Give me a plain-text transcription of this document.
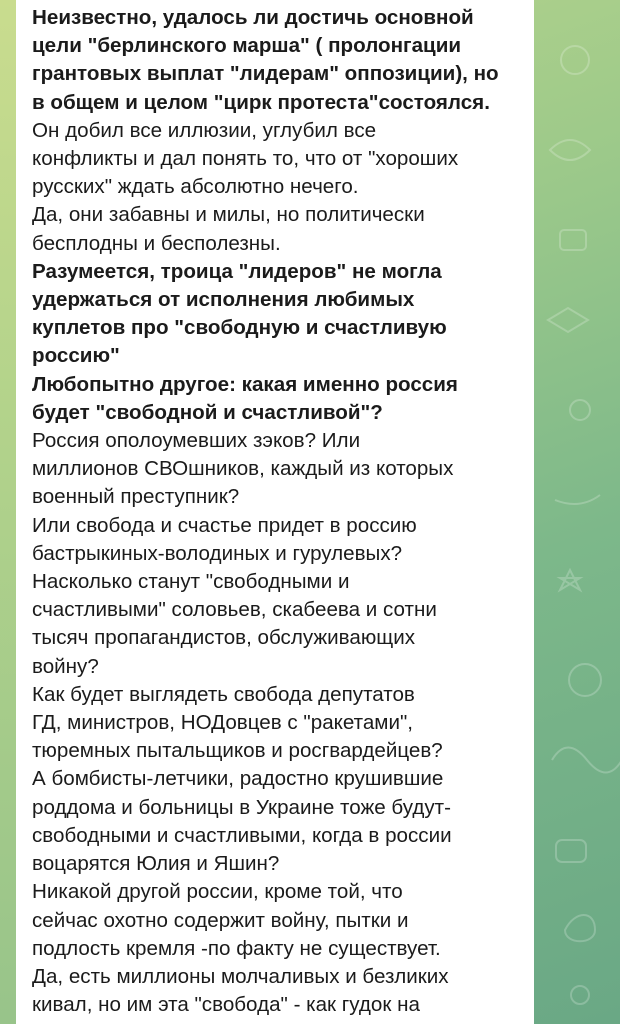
Неизвестно, удалось ли достичь основной
цели "берлинского марша" ( пролонгации
грантовых выплат "лидерам" оппозиции), но
в общем и целом "цирк протеста"состоялся.
Он добил все иллюзии, углубил все
конфликты и дал понять то, что от "хороших
русских" ждать абсолютно нечего.
Да, они забавны и милы, но политически
бесплодны и бесполезны.
Разумеется, троица "лидеров" не могла
удержаться от исполнения любимых
куплетов про "свободную и счастливую
россию"
Любопытно другое: какая именно россия
будет "свободной и счастливой"?
Россия ополоумевших зэков? Или
миллионов СВОшников, каждый из которых
военный преступник?
Или свобода и счастье придет в россию
бастрыкиных-володиных и гурулевых?
Насколько станут "свободными и
счастливыми" соловьев, скабеева и сотни
тысяч пропагандистов, обслуживающих
войну?
Как будет выглядеть свобода депутатов
ГД, министров, НОДовцев с "ракетами",
тюремных пытальщиков и росгвардейцев?
А бомбисты-летчики, радостно крушившие
роддома и больницы в Украине тоже будут-
свободными и счастливыми, когда в россии
воцарятся Юлия и Яшин?
Никакой другой россии, кроме той, что
сейчас охотно содержит войну, пытки и
подлость кремля -по факту не существует.
Да, есть миллионы молчаливых и безликих
кивал, но им эта "свобода" - как гудок на
